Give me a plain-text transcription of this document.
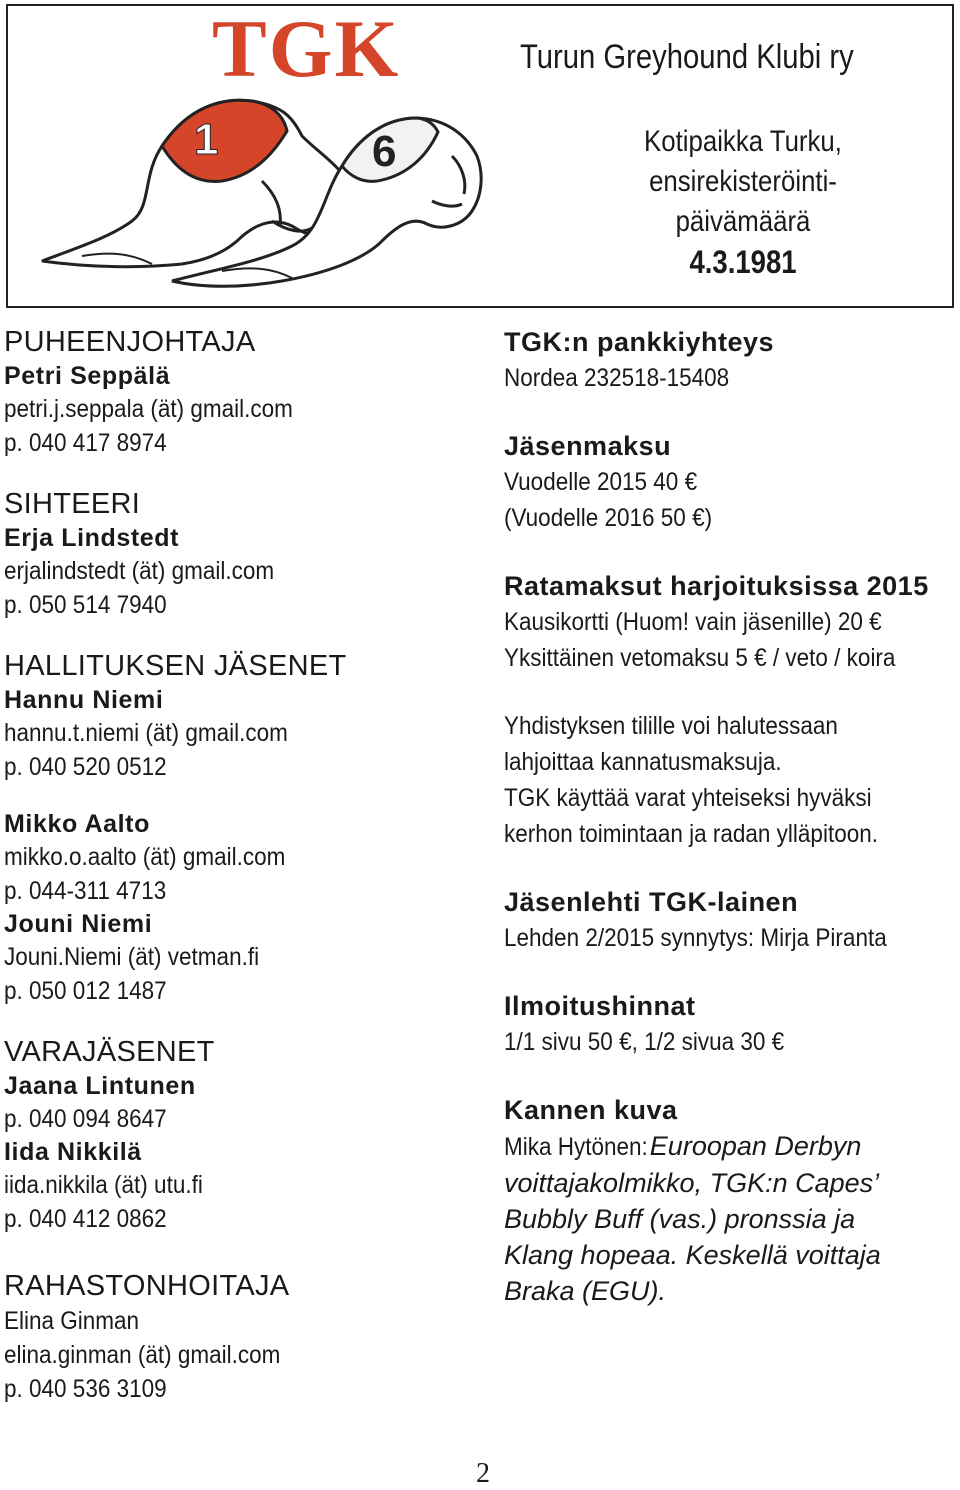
TGK
1	6
Turun Greyhound Klubi ry
Kotipaikka Turku,
ensirekisteröinti-
päivämäärä
4.3.1981
PUHEENJOHTAJA
Petri Seppälä
petri.j.seppala (ät) gmail.com
p. 040 417 8974
SIHTEERI
Erja Lindstedt
erjalindstedt (ät) gmail.com
p. 050 514 7940
HALLITUKSEN JÄSENET
Hannu Niemi
hannu.t.niemi (ät) gmail.com
p. 040 520 0512
Mikko Aalto
mikko.o.aalto (ät) gmail.com
p. 044-311 4713
Jouni Niemi
Jouni.Niemi (ät) vetman.fi
p. 050 012 1487
VARAJÄSENET
Jaana Lintunen
p. 040 094 8647
Iida Nikkilä
iida.nikkila (ät) utu.fi
p. 040 412 0862
RAHASTONHOITAJA
Elina Ginman
elina.ginman (ät) gmail.com
p. 040 536 3109
TGK:n pankkiyhteys
Nordea 232518-15408
Jäsenmaksu
Vuodelle 2015 40 €
(Vuodelle 2016 50 €)
Ratamaksut harjoituksissa 2015
Kausikortti (Huom! vain jäsenille) 20 €
Yksittäinen vetomaksu 5 € / veto / koira
Yhdistyksen tilille voi halutessaan
lahjoittaa kannatusmaksuja.
TGK käyttää varat yhteiseksi hyväksi
kerhon toimintaan ja radan ylläpitoon.
Jäsenlehti TGK-lainen
Lehden 2/2015 synnytys: Mirja Piranta
Ilmoitushinnat
1/1 sivu 50 €, 1/2 sivua 30 €
Kannen kuva
Mika Hytönen:Euroopan Derbyn
voittajakolmikko, TGK:n Capes’
Bubbly Buff (vas.) pronssia ja
Klang hopeaa. Keskellä voittaja
Braka (EGU).
2
